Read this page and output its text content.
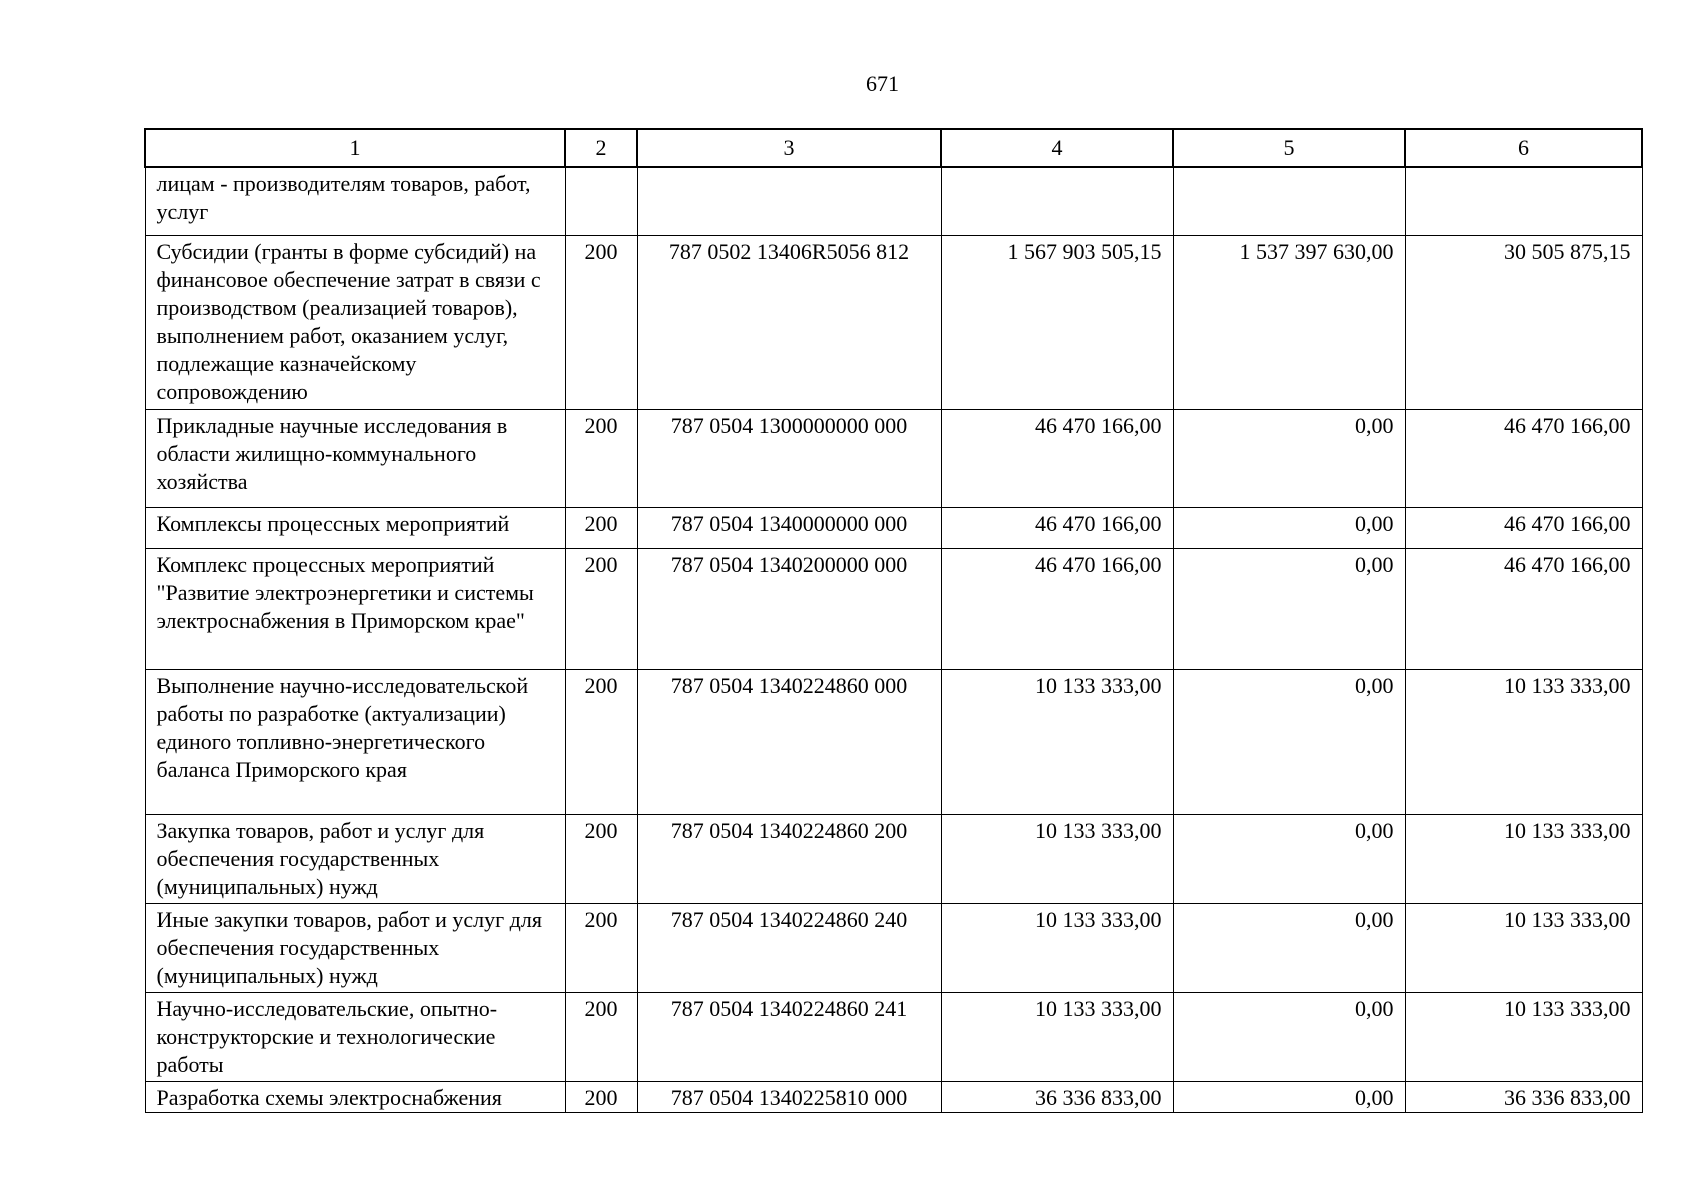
671
1	2	3	4	5	6
лицам - производителям товаров, работ, услуг					
Субсидии (гранты в форме субсидий) на финансовое обеспечение затрат в связи с производством (реализацией товаров), выполнением работ, оказанием услуг, подлежащие казначейскому сопровождению	200	787 0502 13406R5056 812	1 567 903 505,15	1 537 397 630,00	30 505 875,15
Прикладные научные исследования в области жилищно-коммунального хозяйства	200	787 0504 1300000000 000	46 470 166,00	0,00	46 470 166,00
Комплексы процессных мероприятий	200	787 0504 1340000000 000	46 470 166,00	0,00	46 470 166,00
Комплекс процессных мероприятий "Развитие электроэнергетики и системы электроснабжения в Приморском крае"	200	787 0504 1340200000 000	46 470 166,00	0,00	46 470 166,00
Выполнение научно-исследовательской работы по разработке (актуализации) единого топливно-энергетического баланса Приморского края	200	787 0504 1340224860 000	10 133 333,00	0,00	10 133 333,00
Закупка товаров, работ и услуг для обеспечения государственных (муниципальных) нужд	200	787 0504 1340224860 200	10 133 333,00	0,00	10 133 333,00
Иные закупки товаров, работ и услуг для обеспечения государственных (муниципальных) нужд	200	787 0504 1340224860 240	10 133 333,00	0,00	10 133 333,00
Научно-исследовательские, опытно-конструкторские и технологические работы	200	787 0504 1340224860 241	10 133 333,00	0,00	10 133 333,00
Разработка схемы электроснабжения	200	787 0504 1340225810 000	36 336 833,00	0,00	36 336 833,00
